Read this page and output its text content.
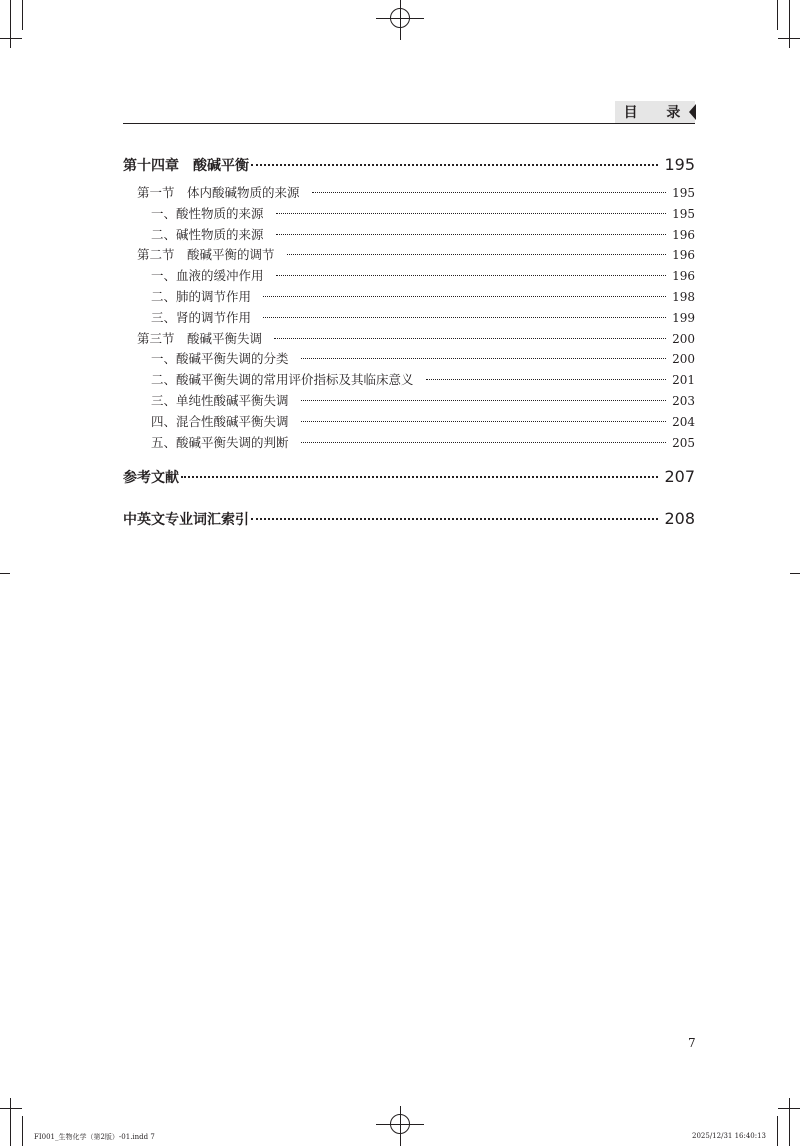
目 录
第十四章　酸碱平衡	195
第一节　体内酸碱物质的来源	195
一、酸性物质的来源	195
二、碱性物质的来源	196
第二节　酸碱平衡的调节	196
一、血液的缓冲作用	196
二、肺的调节作用	198
三、肾的调节作用	199
第三节　酸碱平衡失调	200
一、酸碱平衡失调的分类	200
二、酸碱平衡失调的常用评价指标及其临床意义	201
三、单纯性酸碱平衡失调	203
四、混合性酸碱平衡失调	204
五、酸碱平衡失调的判断	205
参考文献	207
中英文专业词汇索引	208
7
FI001_生物化学（第2版）-01.indd 7	2025/12/31 16:40:13
